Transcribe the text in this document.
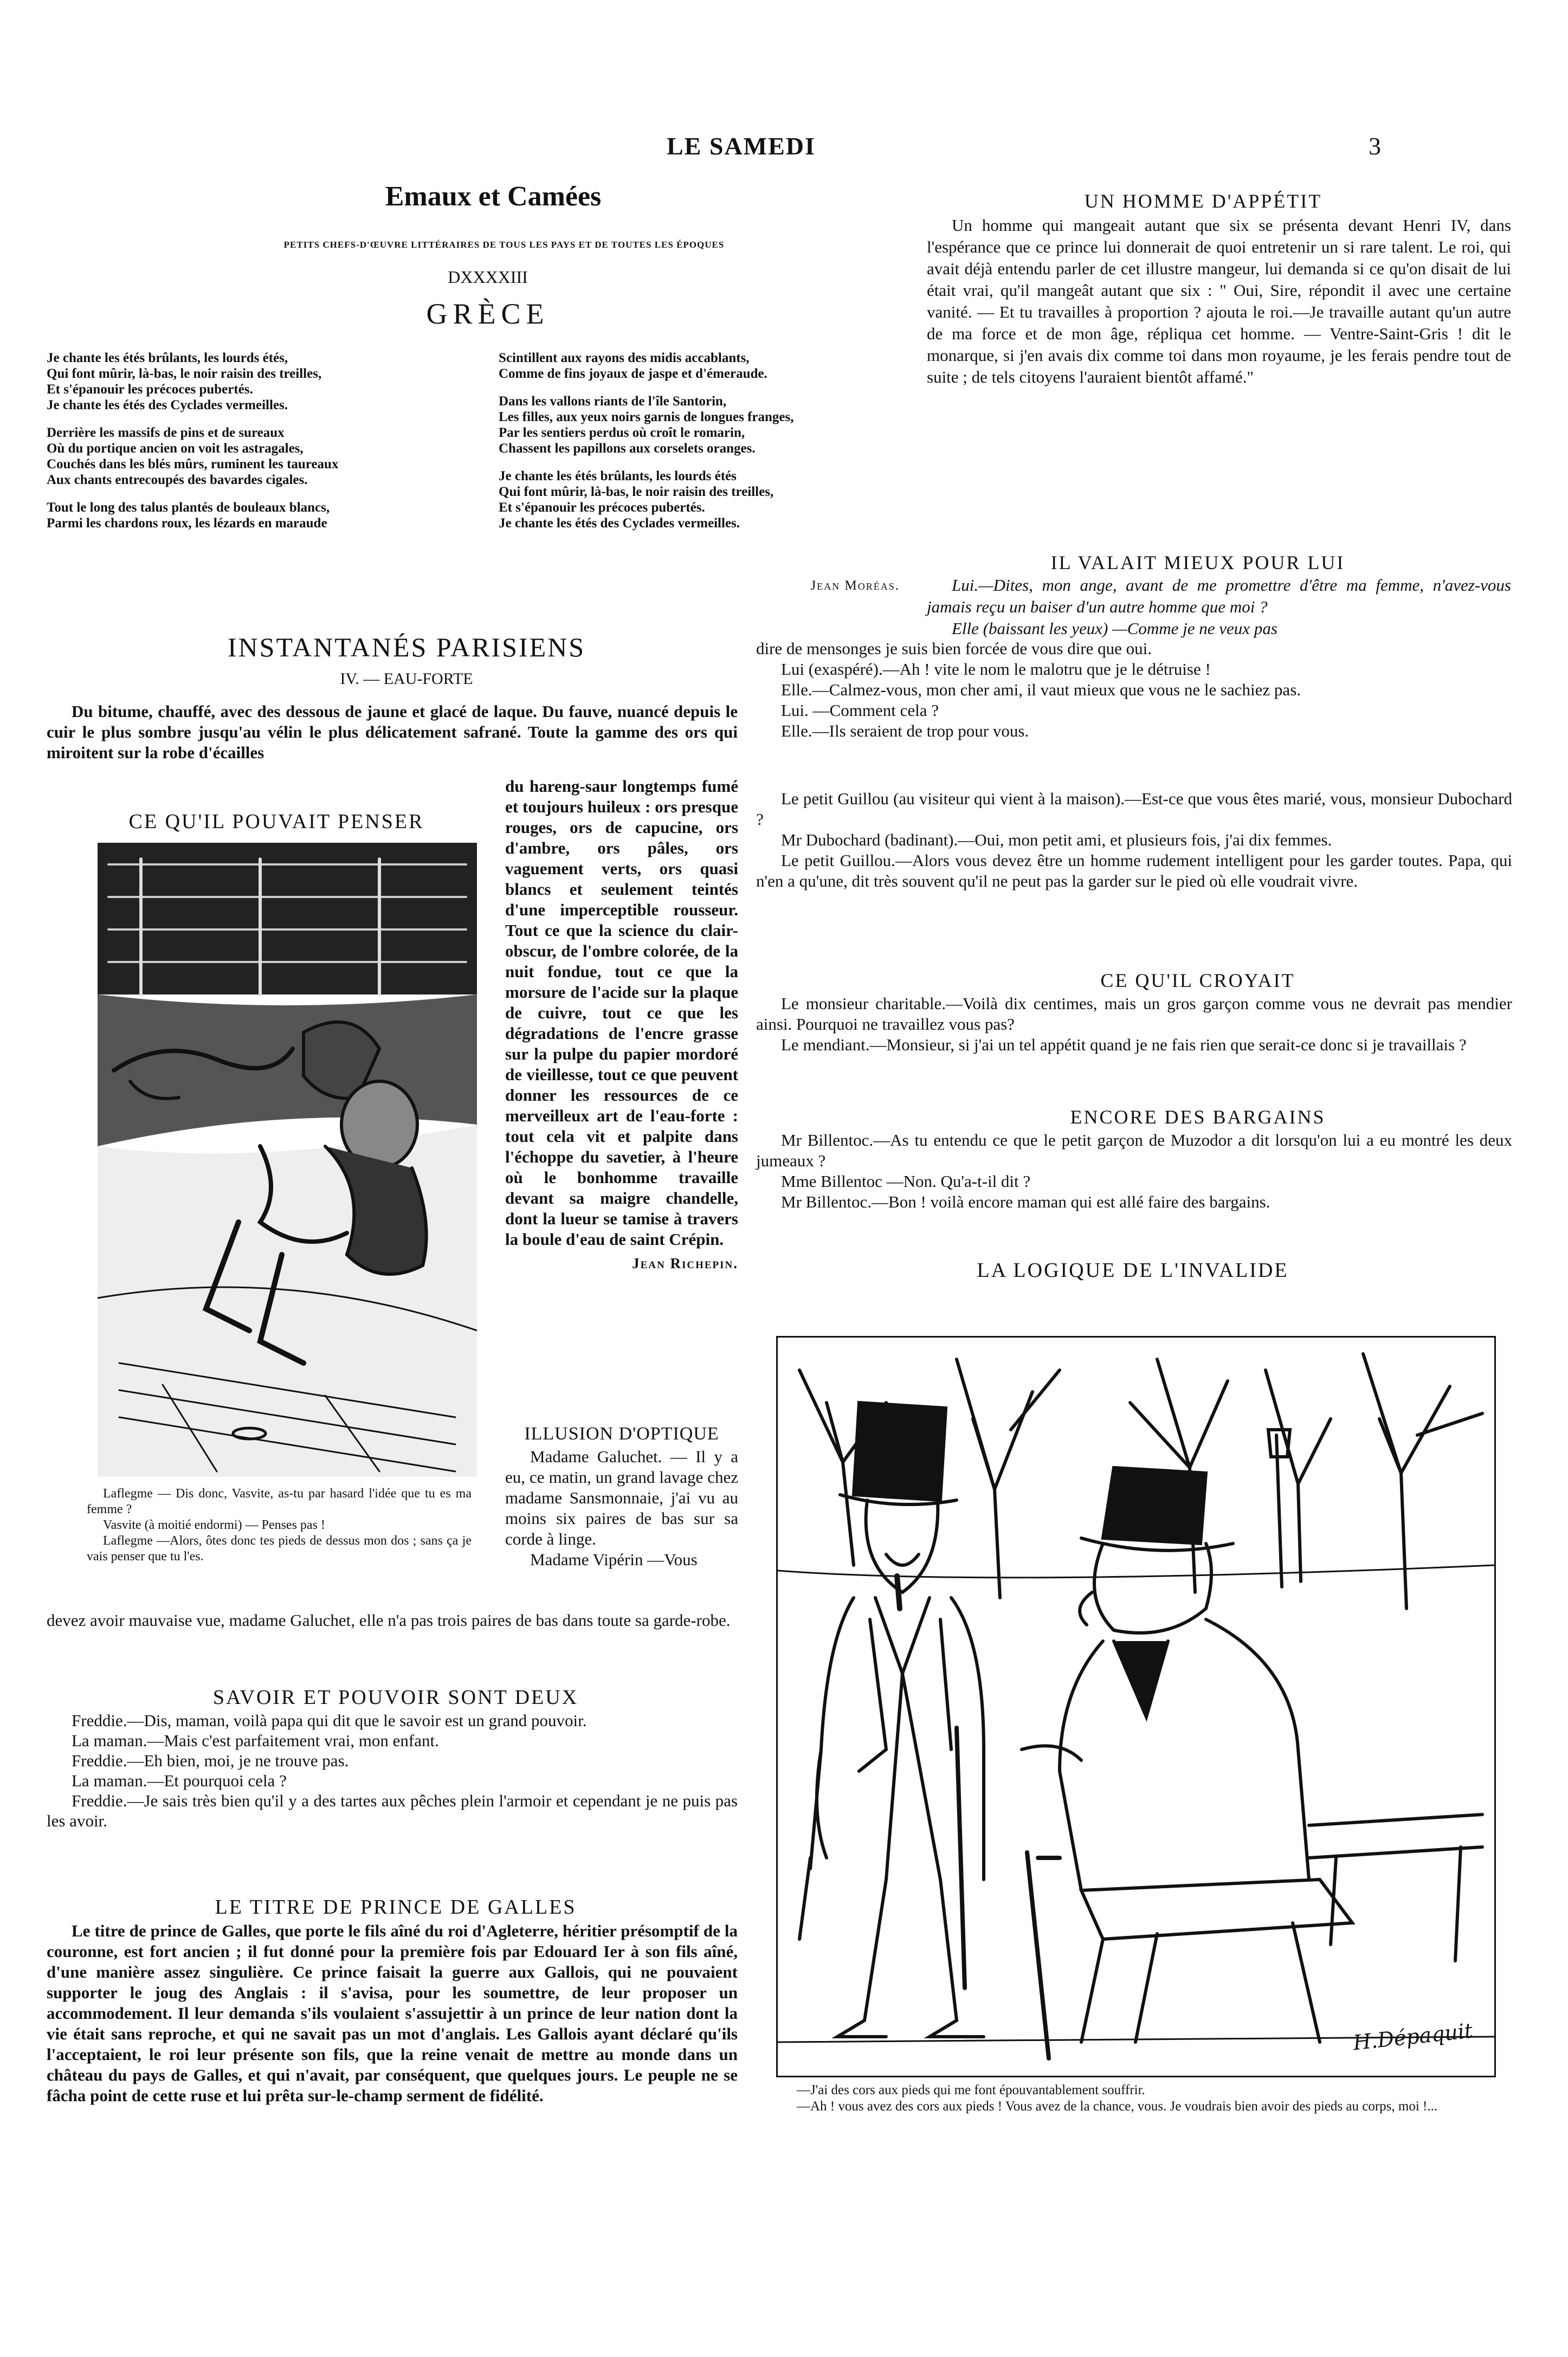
LE SAMEDI	3
Emaux et Camées
PETITS CHEFS-D'ŒUVRE LITTÉRAIRES DE TOUS LES PAYS ET DE TOUTES LES ÉPOQUES
DXXXXIII
GRÈCE

Je chante les étés brûlants, les lourds étés,

Qui font mûrir, là-bas, le noir raisin des treilles,

Et s'épanouir les précoces pubertés.

Je chante les étés des Cyclades vermeilles.

Derrière les massifs de pins et de sureaux

Où du portique ancien on voit les astragales,

Couchés dans les blés mûrs, ruminent les taureaux

Aux chants entrecoupés des bavardes cigales.

Tout le long des talus plantés de bouleaux blancs,

Parmi les chardons roux, les lézards en maraude

Scintillent aux rayons des midis accablants,

Comme de fins joyaux de jaspe et d'émeraude.

Dans les vallons riants de l'île Santorin,

Les filles, aux yeux noirs garnis de longues franges,

Par les sentiers perdus où croît le romarin,

Chassent les papillons aux corselets oranges.

Je chante les étés brûlants, les lourds étés

Qui font mûrir, là-bas, le noir raisin des treilles,

Et s'épanouir les précoces pubertés.

Je chante les étés des Cyclades vermeilles.

Jean Moréas.
UN HOMME D'APPÉTIT

Un homme qui mangeait autant que six se présenta devant Henri IV, dans l'espérance que ce prince lui donnerait de quoi entretenir un si rare talent. Le roi, qui avait déjà entendu parler de cet illustre mangeur, lui demanda si ce qu'on disait de lui était vrai, qu'il mangeât autant que six : " Oui, Sire, répondit il avec une certaine vanité. — Et tu travailles à proportion ? ajouta le roi.—Je travaille autant qu'un autre de ma force et de mon âge, répliqua cet homme. — Ventre-Saint-Gris ! dit le monarque, si j'en avais dix comme toi dans mon royaume, je les ferais pendre tout de suite ; de tels citoyens l'auraient bientôt affamé."

IL VALAIT MIEUX POUR LUI

Lui.—Dites, mon ange, avant de me promettre d'être ma femme, n'avez-vous jamais reçu un baiser d'un autre homme que moi ?

Elle (baissant les yeux) —Comme je ne veux pas

dire de mensonges je suis bien forcée de vous dire que oui.

Lui (exaspéré).—Ah ! vite le nom le malotru que je le détruise !

Elle.—Calmez-vous, mon cher ami, il vaut mieux que vous ne le sachiez pas.

Lui. —Comment cela ?

Elle.—Ils seraient de trop pour vous.

Le petit Guillou (au visiteur qui vient à la maison).—Est-ce que vous êtes marié, vous, monsieur Dubochard ?

Mr Dubochard (badinant).—Oui, mon petit ami, et plusieurs fois, j'ai dix femmes.

Le petit Guillou.—Alors vous devez être un homme rudement intelligent pour les garder toutes. Papa, qui n'en a qu'une, dit très souvent qu'il ne peut pas la garder sur le pied où elle voudrait vivre.

CE QU'IL CROYAIT

Le monsieur charitable.—Voilà dix centimes, mais un gros garçon comme vous ne devrait pas mendier ainsi. Pourquoi ne travaillez vous pas?

Le mendiant.—Monsieur, si j'ai un tel appétit quand je ne fais rien que serait-ce donc si je travaillais ?

ENCORE DES BARGAINS

Mr Billentoc.—As tu entendu ce que le petit garçon de Muzodor a dit lorsqu'on lui a eu montré les deux jumeaux ?

Mme Billentoc —Non. Qu'a-t-il dit ?

Mr Billentoc.—Bon ! voilà encore maman qui est allé faire des bargains.

LA LOGIQUE DE L'INVALIDE
H.Dépaquit

—J'ai des cors aux pieds qui me font épouvantablement souffrir.

—Ah ! vous avez des cors aux pieds ! Vous avez de la chance, vous. Je voudrais bien avoir des pieds au corps, moi !...

INSTANTANÉS PARISIENS
IV. — EAU-FORTE

Du bitume, chauffé, avec des dessous de jaune et glacé de laque. Du fauve, nuancé depuis le cuir le plus sombre jusqu'au vélin le plus délicatement safrané. Toute la gamme des ors qui miroitent sur la robe d'écailles

CE QU'IL POUVAIT PENSER

Laflegme — Dis donc, Vasvite, as-tu par hasard l'idée que tu es ma femme ?

Vasvite (à moitié endormi) — Penses pas !

Laflegme —Alors, ôtes donc tes pieds de dessus mon dos ; sans ça je vais penser que tu l'es.

du hareng-saur longtemps fumé et toujours huileux : ors presque rouges, ors de capucine, ors d'ambre, ors pâles, ors vaguement verts, ors quasi blancs et seulement teintés d'une imperceptible rousseur. Tout ce que la science du clair-obscur, de l'ombre colorée, de la nuit fondue, tout ce que la morsure de l'acide sur la plaque de cuivre, tout ce que les dégradations de l'encre grasse sur la pulpe du papier mordoré de vieillesse, tout ce que peuvent donner les ressources de ce merveilleux art de l'eau-forte : tout cela vit et palpite dans l'échoppe du savetier, à l'heure où le bonhomme travaille devant sa maigre chandelle, dont la lueur se tamise à travers la boule d'eau de saint Crépin.

Jean Richepin.
ILLUSION D'OPTIQUE

Madame Galuchet. — Il y a eu, ce matin, un grand lavage chez madame Sansmonnaie, j'ai vu au moins six paires de bas sur sa corde à linge.

Madame Vipérin —Vous

devez avoir mauvaise vue, madame Galuchet, elle n'a pas trois paires de bas dans toute sa garde-robe.

SAVOIR ET POUVOIR SONT DEUX

Freddie.—Dis, maman, voilà papa qui dit que le savoir est un grand pouvoir.

La maman.—Mais c'est parfaitement vrai, mon enfant.

Freddie.—Eh bien, moi, je ne trouve pas.

La maman.—Et pourquoi cela ?

Freddie.—Je sais très bien qu'il y a des tartes aux pêches plein l'armoir et cependant je ne puis pas les avoir.

LE TITRE DE PRINCE DE GALLES

Le titre de prince de Galles, que porte le fils aîné du roi d'Agleterre, héritier présomptif de la couronne, est fort ancien ; il fut donné pour la première fois par Edouard Ier à son fils aîné, d'une manière assez singulière. Ce prince faisait la guerre aux Gallois, qui ne pouvaient supporter le joug des Anglais : il s'avisa, pour les soumettre, de leur proposer un accommodement. Il leur demanda s'ils voulaient s'assujettir à un prince de leur nation dont la vie était sans reproche, et qui ne savait pas un mot d'anglais. Les Gallois ayant déclaré qu'ils l'acceptaient, le roi leur présente son fils, que la reine venait de mettre au monde dans un château du pays de Galles, et qui n'avait, par conséquent, que quelques jours. Le peuple ne se fâcha point de cette ruse et lui prêta sur-le-champ serment de fidélité.
